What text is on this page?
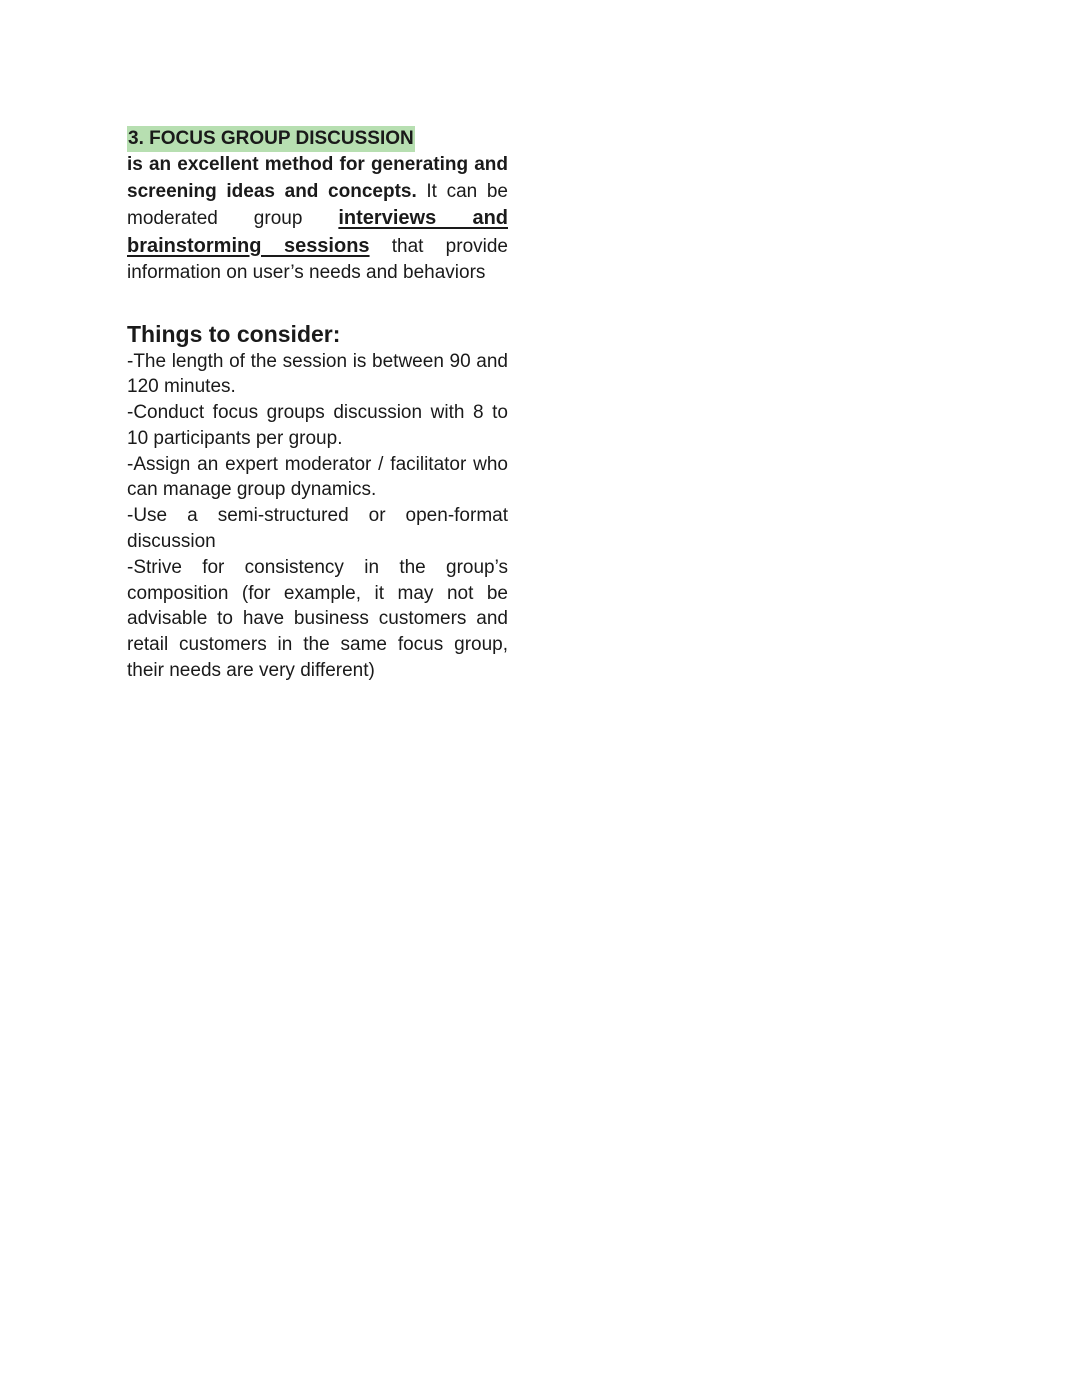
3. FOCUS GROUP DISCUSSION

is an excellent method for generating and screening ideas and concepts. It can be moderated group interviews and brainstorming sessions that provide information on user’s needs and behaviors

Things to consider:
-The length of the session is between 90 and 120 minutes.
-Conduct focus groups discussion with 8 to 10 participants per group.
-Assign an expert moderator / facilitator who can manage group dynamics.
-Use a semi-structured or open-format discussion
-Strive for consistency in the group’s composition (for example, it may not be advisable to have business customers and retail customers in the same focus group, their needs are very different)
